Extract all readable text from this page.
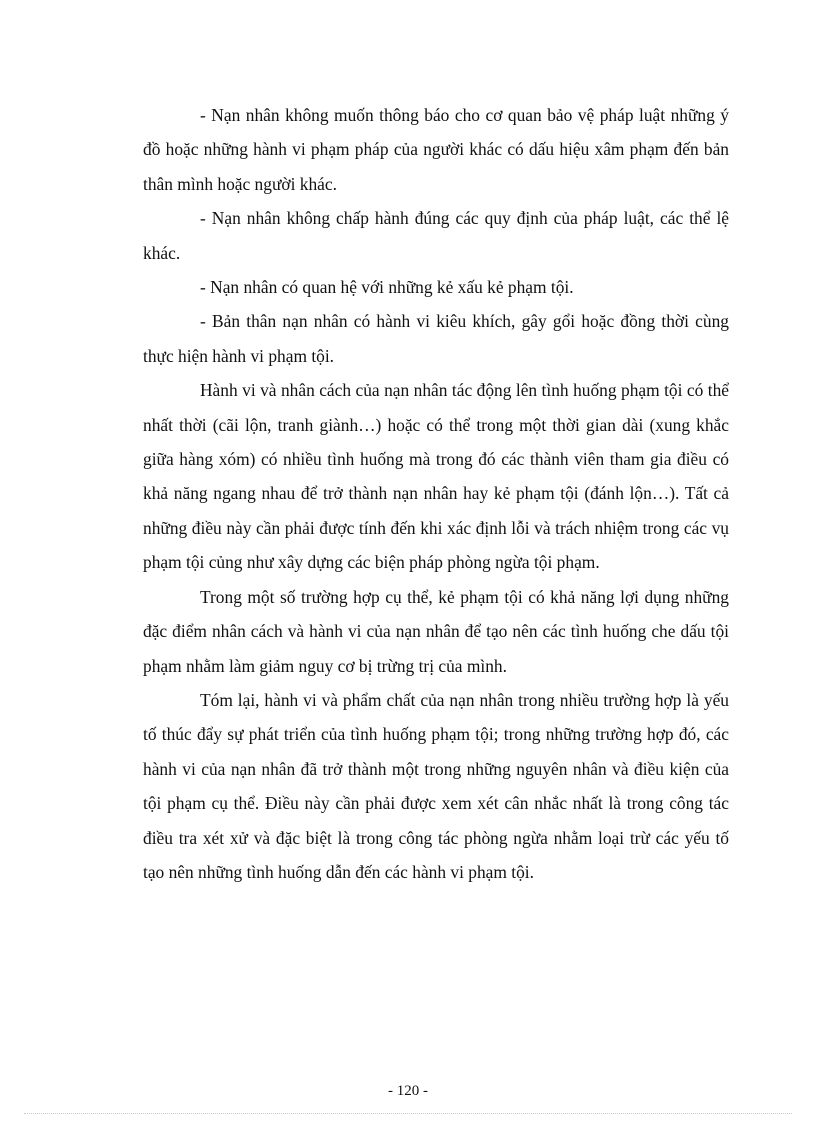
- Nạn nhân không muốn thông báo cho cơ quan bảo vệ pháp luật những ý đồ hoặc những hành vi phạm pháp của người khác có dấu hiệu xâm phạm đến bản thân mình hoặc người khác.

- Nạn nhân không chấp hành đúng các quy định của pháp luật, các thể lệ khác.

- Nạn nhân có quan hệ với những kẻ xấu kẻ phạm tội.

- Bản thân nạn nhân có hành vi kiêu khích, gây gổi hoặc đồng thời cùng thực hiện hành vi phạm tội.

Hành vi và nhân cách của nạn nhân tác động lên tình huống phạm tội có thể nhất thời (cãi lộn, tranh giành…) hoặc có thể trong một thời gian dài (xung khắc giữa hàng xóm) có nhiều tình huống mà trong đó các thành viên tham gia điều có khả năng ngang nhau để trở thành nạn nhân hay kẻ phạm tội (đánh lộn…). Tất cả những điều này cần phải được tính đến khi xác định lỗi và trách nhiệm trong các vụ phạm tội củng như xây dựng các biện pháp phòng ngừa tội phạm.

Trong một số trường hợp cụ thể, kẻ phạm tội có khả năng lợi dụng những đặc điểm nhân cách và hành vi của nạn nhân để tạo nên các tình huống che dấu tội phạm nhằm làm giảm nguy cơ bị trừng trị của mình.

Tóm lại, hành vi và phẩm chất của nạn nhân trong nhiều trường hợp là yếu tố thúc đẩy sự phát triển của tình huống phạm tội; trong những trường hợp đó, các hành vi của nạn nhân đã trở thành một trong những nguyên nhân và điều kiện của tội phạm cụ thể. Điều này cần phải được xem xét cân nhắc nhất là trong công tác điều tra xét xử và đặc biệt là trong công tác phòng ngừa nhằm loại trừ các yếu tố tạo nên những tình huống dẫn đến các hành vi phạm tội.

- 120 -
